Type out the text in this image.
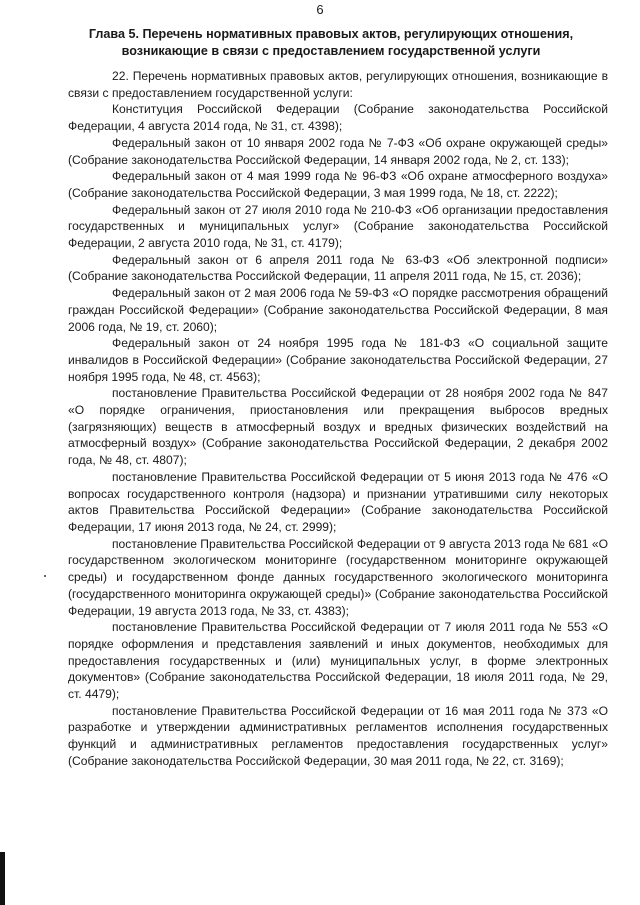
6
Глава 5. Перечень нормативных правовых актов, регулирующих отношения, возникающие в связи с предоставлением государственной услуги

22. Перечень нормативных правовых актов, регулирующих отношения, возникающие в связи с предоставлением государственной услуги:

Конституция Российской Федерации (Собрание законодательства Российской Федерации, 4 августа 2014 года, № 31, ст. 4398);

Федеральный закон от 10 января 2002 года № 7-ФЗ «Об охране окружающей среды» (Собрание законодательства Российской Федерации, 14 января 2002 года, № 2, ст. 133);

Федеральный закон от 4 мая 1999 года № 96-ФЗ «Об охране атмосферного воздуха» (Собрание законодательства Российской Федерации, 3 мая 1999 года, № 18, ст. 2222);

Федеральный закон от 27 июля 2010 года № 210-ФЗ «Об организации предоставления государственных и муниципальных услуг» (Собрание законодательства Российской Федерации, 2 августа 2010 года, № 31, ст. 4179);

Федеральный закон от 6 апреля 2011 года № 63-ФЗ «Об электронной подписи» (Собрание законодательства Российской Федерации, 11 апреля 2011 года, № 15, ст. 2036);

Федеральный закон от 2 мая 2006 года № 59-ФЗ «О порядке рассмотрения обращений граждан Российской Федерации» (Собрание законодательства Российской Федерации, 8 мая 2006 года, № 19, ст. 2060);

Федеральный закон от 24 ноября 1995 года № 181-ФЗ «О социальной защите инвалидов в Российской Федерации» (Собрание законодательства Российской Федерации, 27 ноября 1995 года, № 48, ст. 4563);

постановление Правительства Российской Федерации от 28 ноября 2002 года № 847 «О порядке ограничения, приостановления или прекращения выбросов вредных (загрязняющих) веществ в атмосферный воздух и вредных физических воздействий на атмосферный воздух» (Собрание законодательства Российской Федерации, 2 декабря 2002 года, № 48, ст. 4807);

постановление Правительства Российской Федерации от 5 июня 2013 года № 476 «О вопросах государственного контроля (надзора) и признании утратившими силу некоторых актов Правительства Российской Федерации» (Собрание законодательства Российской Федерации, 17 июня 2013 года, № 24, ст. 2999);

постановление Правительства Российской Федерации от 9 августа 2013 года № 681 «О государственном экологическом мониторинге (государственном мониторинге окружающей среды) и государственном фонде данных государственного экологического мониторинга (государственного мониторинга окружающей среды)» (Собрание законодательства Российской Федерации, 19 августа 2013 года, № 33, ст. 4383);

постановление Правительства Российской Федерации от 7 июля 2011 года № 553 «О порядке оформления и представления заявлений и иных документов, необходимых для предоставления государственных и (или) муниципальных услуг, в форме электронных документов» (Собрание законодательства Российской Федерации, 18 июля 2011 года, № 29, ст. 4479);

постановление Правительства Российской Федерации от 16 мая 2011 года № 373 «О разработке и утверждении административных регламентов исполнения государственных функций и административных регламентов предоставления государственных услуг» (Собрание законодательства Российской Федерации, 30 мая 2011 года, № 22, ст. 3169);
